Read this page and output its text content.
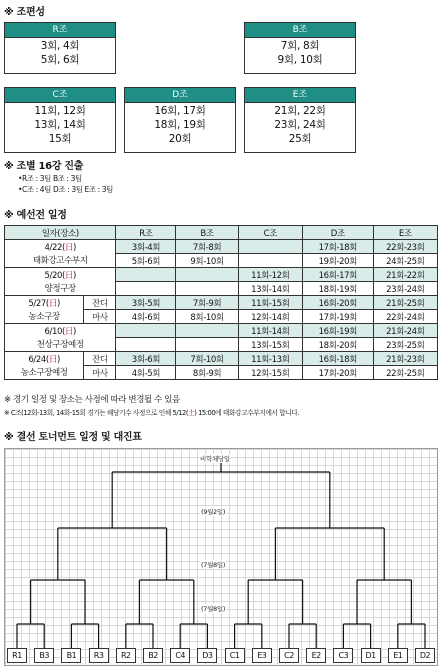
※ 조편성
R조
3회, 4회
5회, 6회
B조
7회, 8회
9회, 10회
C조
11회, 12회
13회, 14회
15회
D조
16회, 17회
18회, 19회
20회
E조
21회, 22회
23회, 24회
25회
※ 조별 16강 진출
•R조 : 3팀 B조 : 3팀
•C조 : 4팀 D조 : 3팀 E조 : 3팀
※ 예선전 일정
일자(장소)		R조	B조	C조	D조	E조
4/22(日)		3회-4회	7회-8회		17회-18회	22회-23회
태화강고수부지		5회-6회	9회-10회		19회-20회	24회-25회
5/20(日)				11회-12회	16회-17회	21회-22회
양정구장				13회-14회	18회-19회	23회-24회
5/27(日)	잔디	3회-5회	7회-9회	11회-15회	16회-20회	21회-25회
농소구장	마사	4회-6회	8회-10회	12회-14회	17회-19회	22회-24회
6/10(日)				11회-14회	16회-19회	21회-24회
천상구장예정				13회-15회	18회-20회	23회-25회
6/24(日)	잔디	3회-6회	7회-10회	11회-13회	16회-18회	21회-23회
농소구장예정	마사	4회-5회	8회-9회	12회-15회	17회-20회	22회-25회
※ 경기 일정 및 장소는 사정에 따라 변경될 수 있음
※ C조(12회-13회, 14회-15회 경기는 해당기수 사정으로 인해 5/12(土) 15:00에 태화강고수부지에서 합니다.
※ 결선 토너먼트 일정 및 대진표
비학체당일
(9월2일)
(7월8일)
(7월8일)
R1	B3	B1	R3	R2	B2	C4	D3	C1	E3	C2	E2	C3	D1	E1	D2
